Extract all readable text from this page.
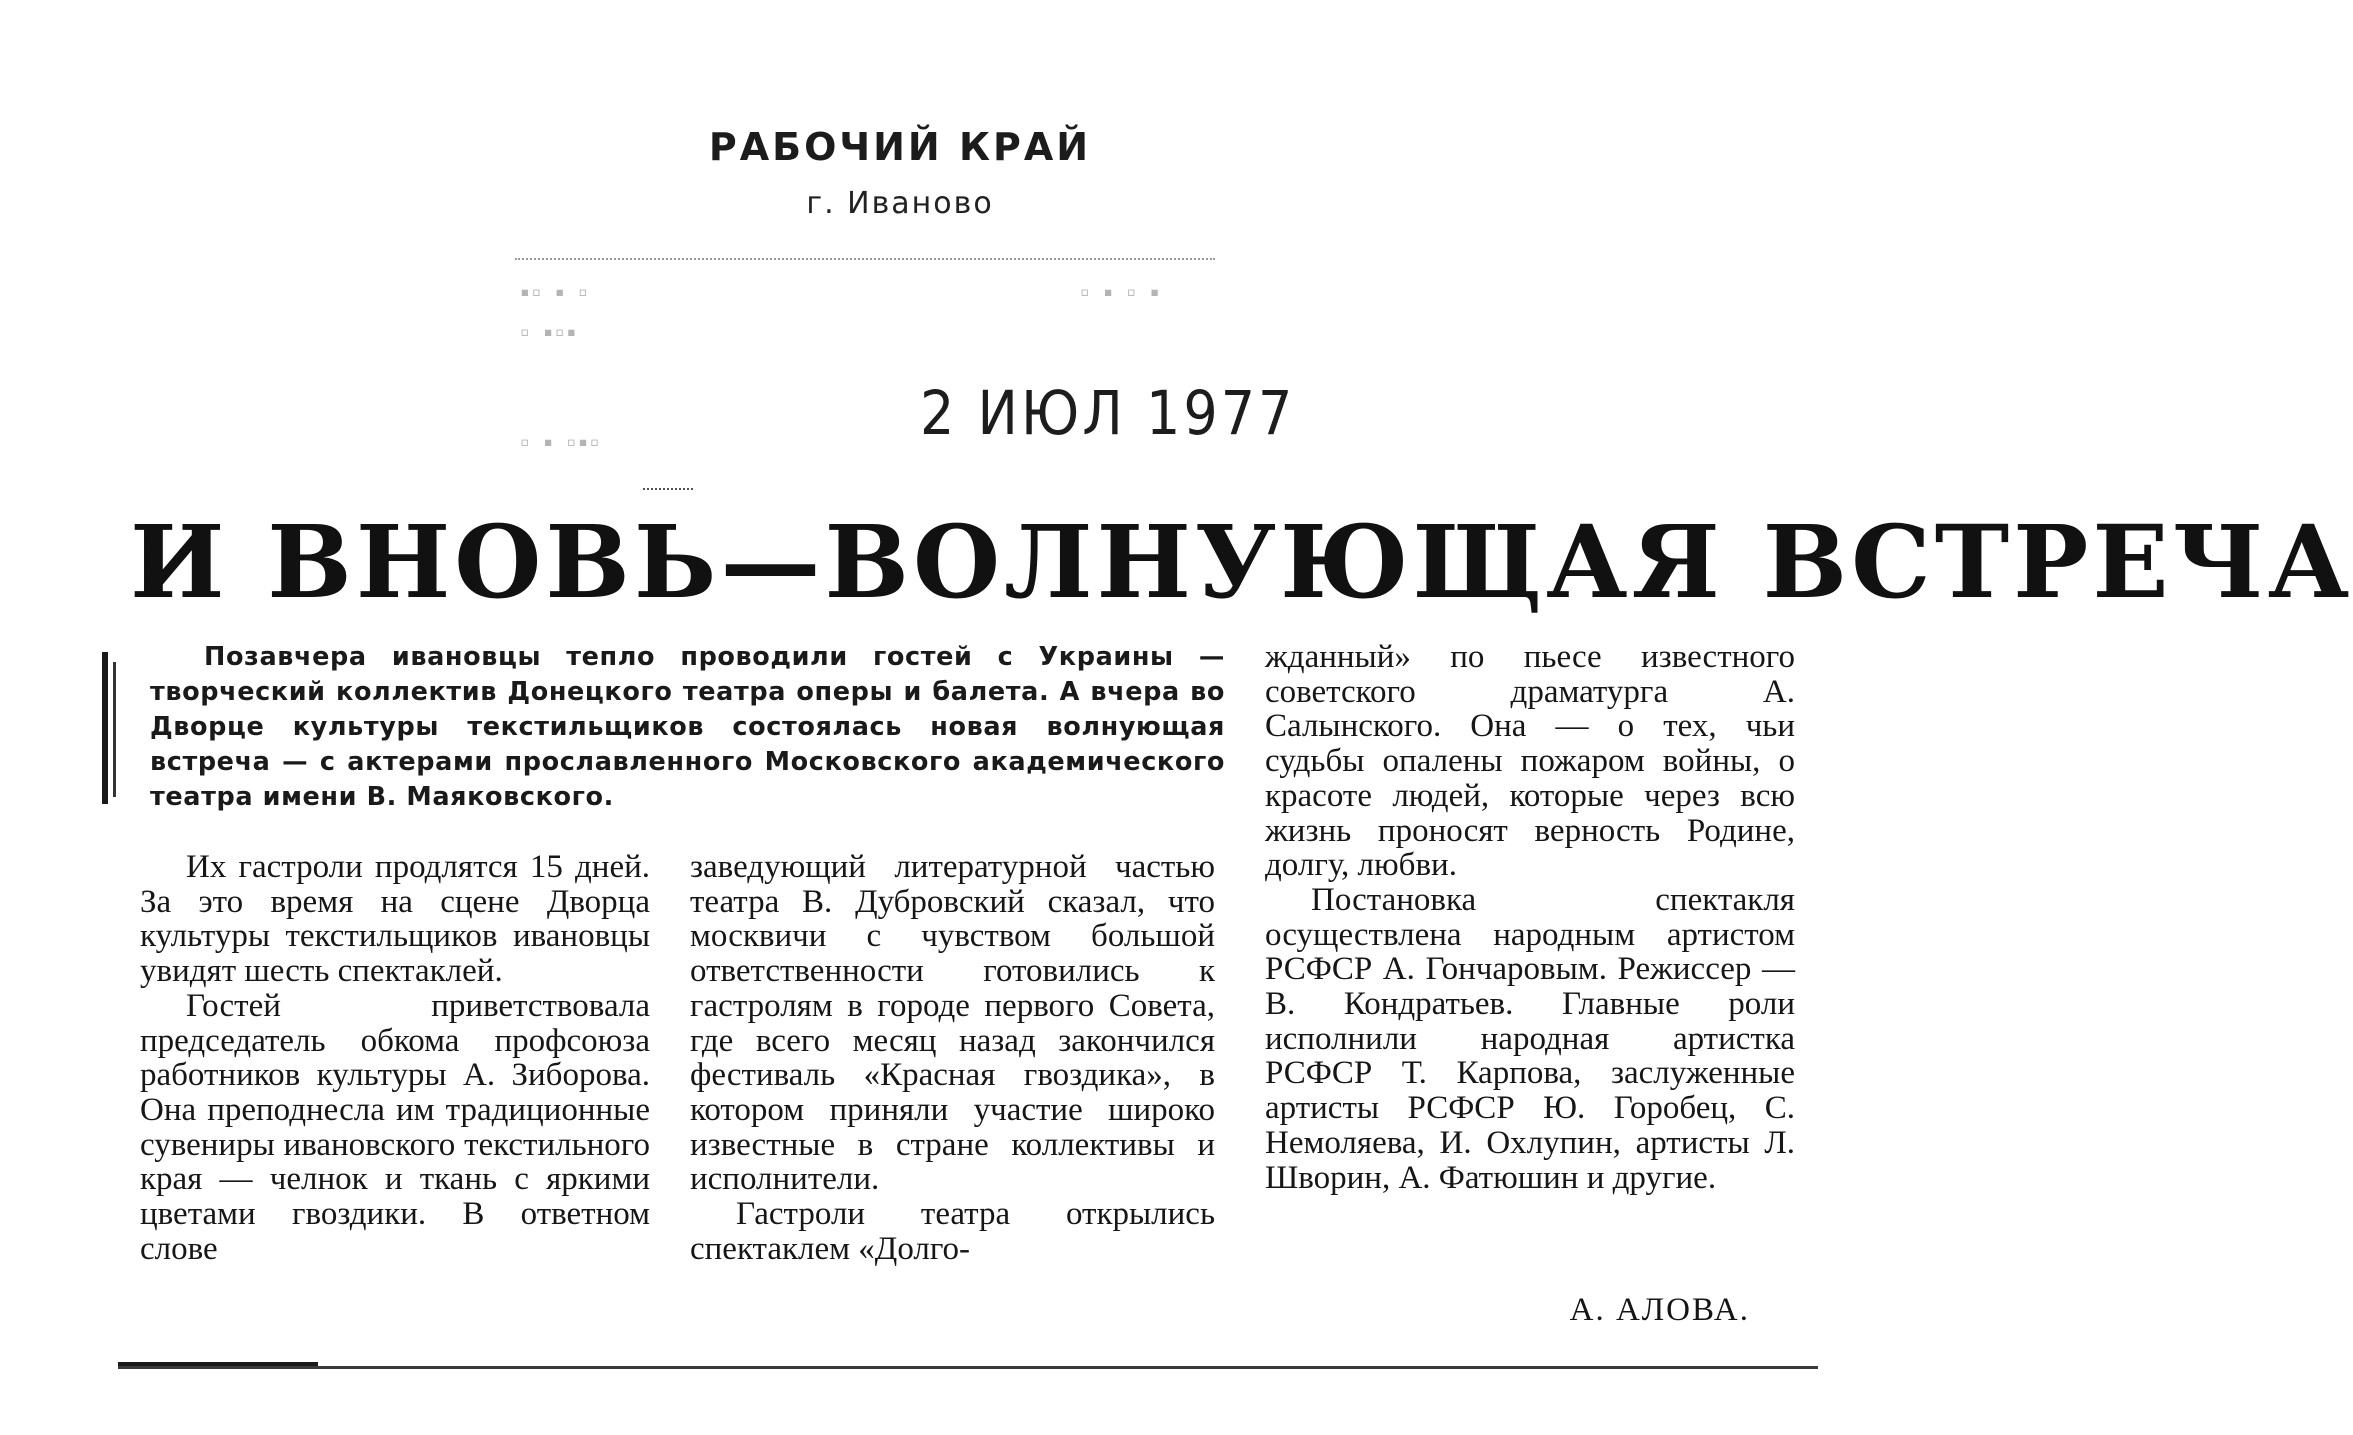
РАБОЧИЙ КРАЙ
г. Иваново
▪▫ ▪ ▫	▫ ▪ ▫ ▪
▫ ▪▫▪
▫ ▪ ▫▪▫	2 ИЮЛ 1977
И ВНОВЬ—ВОЛНУЮЩАЯ ВСТРЕЧА
Позавчера ивановцы тепло проводили гостей с Украины — творческий коллектив Донецкого театра оперы и балета. А вчера во Дворце культуры текстильщиков состоялась новая волнующая встреча — с актерами прославленного Московского академического театра имени В. Маяковского.

Их гастроли продлятся 15 дней. За это время на сцене Дворца культуры текстильщиков ивановцы увидят шесть спектаклей.

Гостей приветствовала председатель обкома профсоюза работников культуры А. Зиборова. Она преподнесла им традиционные сувениры ивановского текстильного края — челнок и ткань с яркими цветами гвоздики. В ответном слове

заведующий литературной частью театра В. Дубровский сказал, что москвичи с чувством большой ответственности готовились к гастролям в городе первого Совета, где всего месяц назад закончился фестиваль «Красная гвоздика», в котором приняли участие широко известные в стране коллективы и исполнители.

Гастроли театра открылись спектаклем «Долго-

жданный» по пьесе известного советского драматурга А. Салынского. Она — о тех, чьи судьбы опалены пожаром войны, о красоте людей, которые через всю жизнь проносят верность Родине, долгу, любви.

Постановка спектакля осуществлена народным артистом РСФСР А. Гончаровым. Режиссер — В. Кондратьев. Главные роли исполнили народная артистка РСФСР Т. Карпова, заслуженные артисты РСФСР Ю. Горобец, С. Немоляева, И. Охлупин, артисты Л. Шворин, А. Фатюшин и другие.

А. АЛОВА.
